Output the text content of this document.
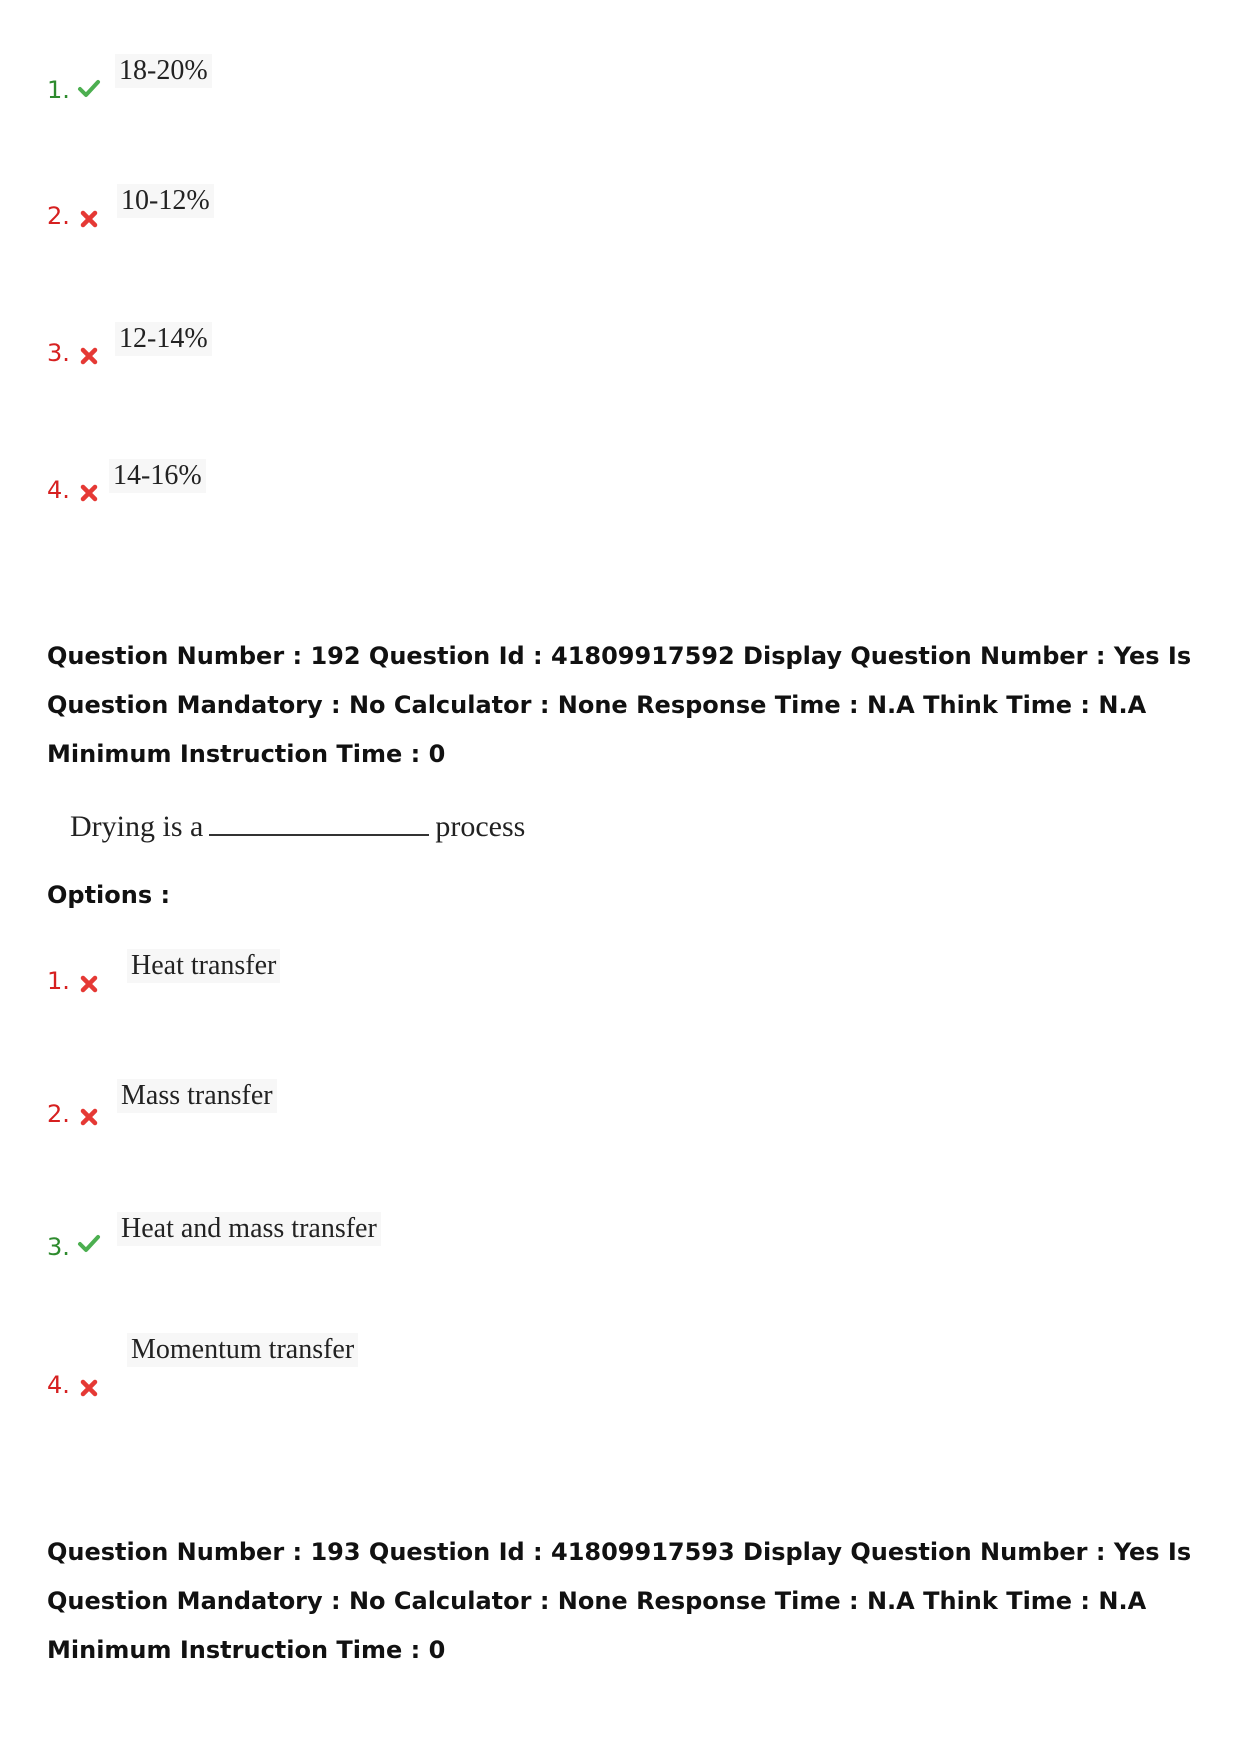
1.
18-20%
2. 10-12%
3. 12-14%
4. 14-16%
Question Number : 192 Question Id : 41809917592 Display Question Number : Yes Is Question Mandatory : No Calculator : None Response Time : N.A Think Time : N.A Minimum Instruction Time : 0
Drying is a	process
Options :
1. Heat transfer
2.
Mass transfer
3.
Heat and mass transfer
4.
Momentum transfer
Question Number : 193 Question Id : 41809917593 Display Question Number : Yes Is Question Mandatory : No Calculator : None Response Time : N.A Think Time : N.A Minimum Instruction Time : 0
